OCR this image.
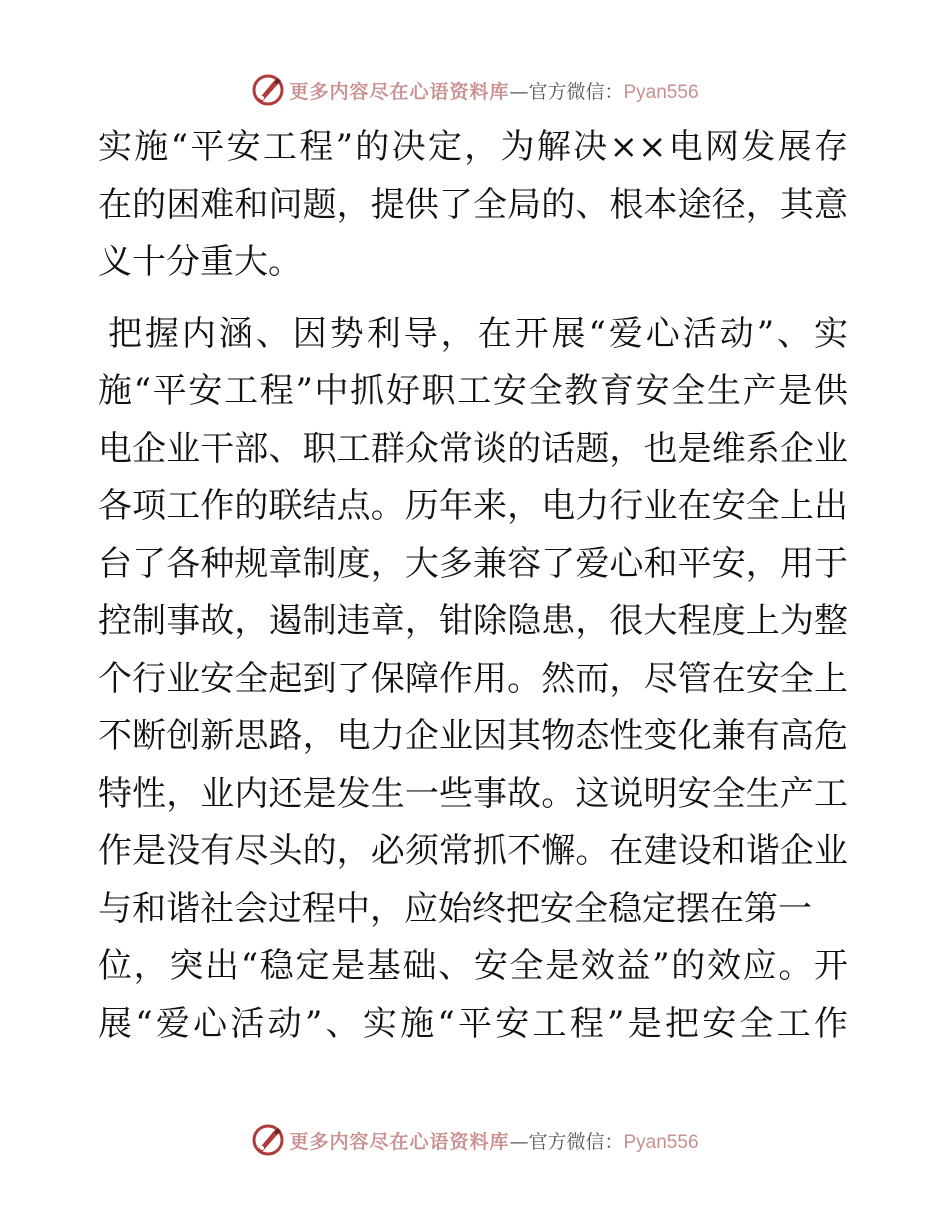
更多内容尽在心语资料库—官方微信：Pyan556
实施“平安工程”的决定，为解决××电网发展存
在的困难和问题，提供了全局的、根本途径，其意
义十分重大。
把握内涵、因势利导，在开展“爱心活动”、实
施“平安工程”中抓好职工安全教育安全生产是供
电企业干部、职工群众常谈的话题，也是维系企业
各项工作的联结点。历年来，电力行业在安全上出
台了各种规章制度，大多兼容了爱心和平安，用于
控制事故，遏制违章，钳除隐患，很大程度上为整
个行业安全起到了保障作用。然而，尽管在安全上
不断创新思路，电力企业因其物态性变化兼有高危
特性，业内还是发生一些事故。这说明安全生产工
作是没有尽头的，必须常抓不懈。在建设和谐企业
与和谐社会过程中，应始终把安全稳定摆在第一
位，突出“稳定是基础、安全是效益”的效应。开
展“爱心活动”、实施“平安工程”是把安全工作
更多内容尽在心语资料库—官方微信：Pyan556
